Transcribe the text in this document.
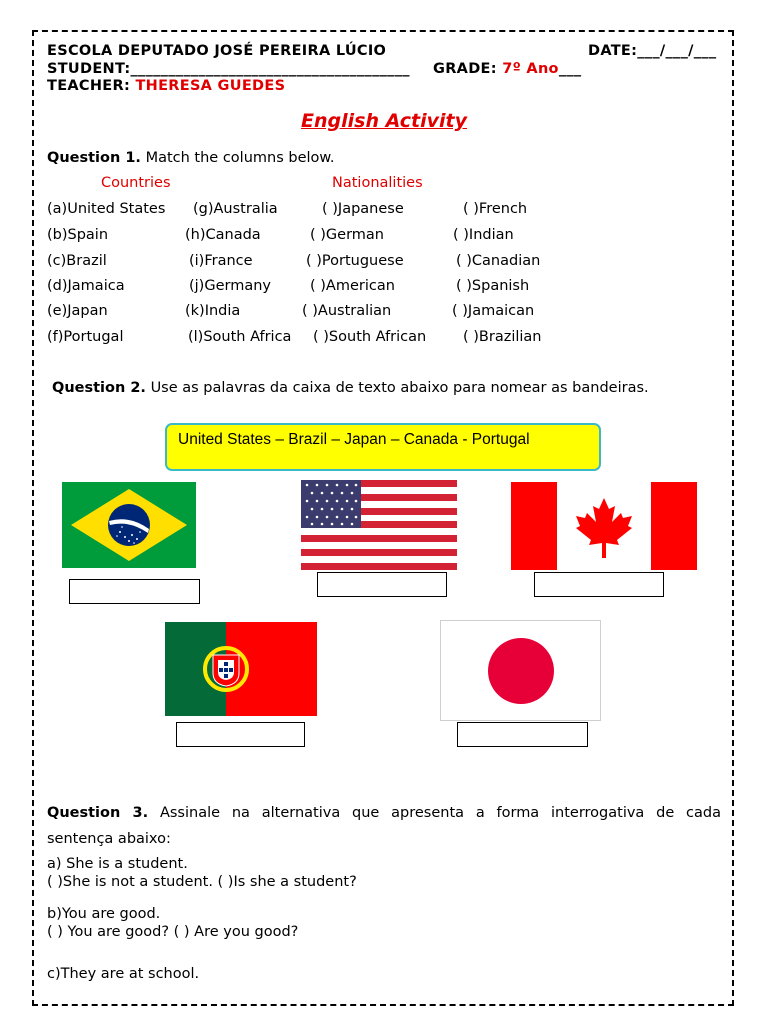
ESCOLA DEPUTADO JOSÉ PEREIRA LÚCIO	DATE:___/___/___
STUDENT:_____________________________________ GRADE: 7º Ano___
TEACHER: THERESA GUEDES
English Activity
Question 1. Match the columns below.
Countries	Nationalities
(a)United States (g)Australia	( )Japanese	( )French
(b)Spain	(h)Canada	( )German	( )Indian
(c)Brazil	(i)France	( )Portuguese	( )Canadian
(d)Jamaica	(j)Germany	( )American	( )Spanish
(e)Japan	(k)India	( )Australian	( )Jamaican
(f)Portugal	(l)South Africa ( )South African	( )Brazilian
Question 2. Use as palavras da caixa de texto abaixo para nomear as bandeiras.
United States – Brazil – Japan – Canada - Portugal
Question 3. Assinale na alternativa que apresenta a forma interrogativa de cada
sentença abaixo:
a) She is a student.
( )She is not a student. ( )Is she a student?
b)You are good.
( ) You are good? ( ) Are you good?
c)They are at school.
